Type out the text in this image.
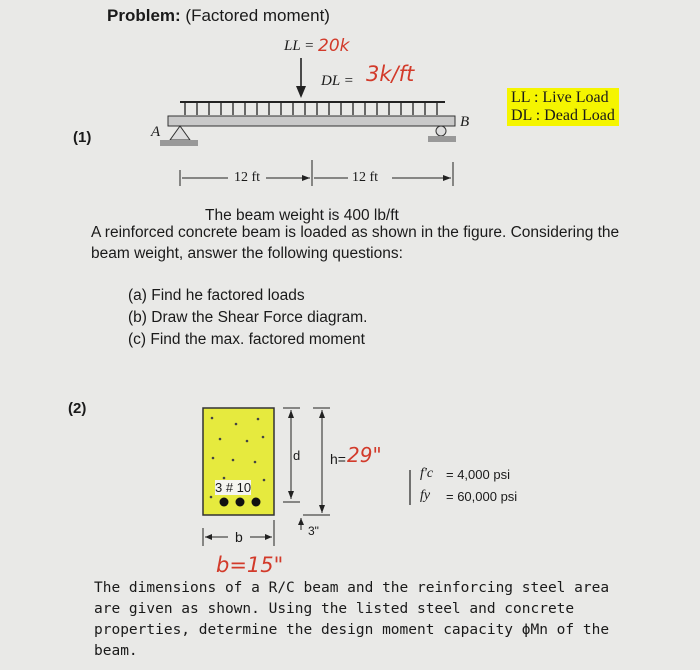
Problem: (Factored moment)
(1)
LL = 20k
DL = 3k/ft
A
B
12 ft	12 ft
LL : Live Load
DL : Dead Load
The beam weight is 400 lb/ft
A reinforced concrete beam is loaded as shown in the figure. Considering the beam weight, answer the following questions:
(a) Find he factored loads
(b) Draw the Shear Force diagram.
(c) Find the max. factored moment
(2)
3 # 10
d h= 29"
3"
b
b=15"
f'c = 4,000 psi
fy = 60,000 psi
The dimensions of a R/C beam and the reinforcing steel area are given as shown. Using the listed steel and concrete properties, determine the design moment capacity ϕMn of the beam.
